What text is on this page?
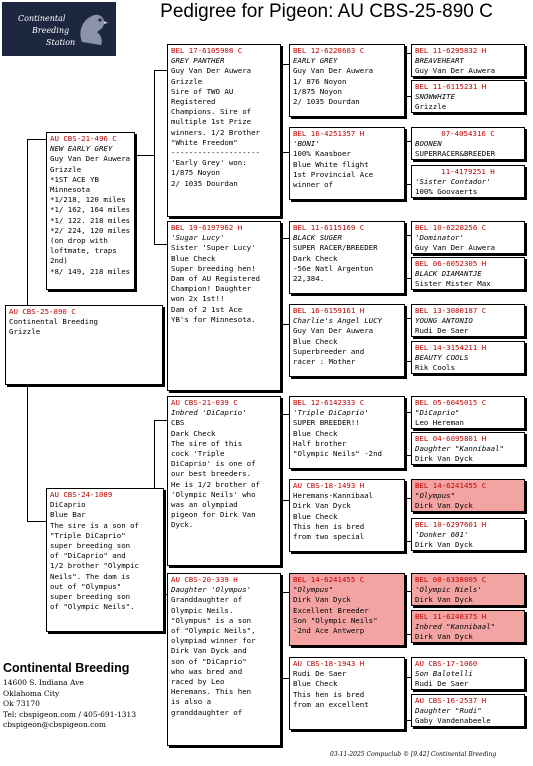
Continental
Breeding
Station
Pedigree for Pigeon: AU CBS-25-890 C
AU CBS-25-890 C
Continental Breeding
Grizzle
AU CBS-21-496 C
NEW EARLY GREY
Guy Van Der Auwera
Grizzle
*1ST ACE YB
Minnesota
*1/218, 120 miles
*1/ 162, 164 miles
*1/ 122. 218 miles
*2/ 224, 120 miles
(on drop with
loftmate, traps
2nd)
*8/ 149, 218 miles
AU CBS-24-1089
DiCaprio
Blue Bar
The sire is a son of
"Triple DiCaprio"
super breeding son
of "DiCaprio" and
1/2 brother "Olympic
Neils". The dam is
out of "Olympus"
super breeding son
of "Olympic Neils".
BEL 17-6105908 C
GREY PANTHER
Guy Van Der Auwera
Grizzle
Sire of TWO AU
Registered
Champions. Sire of
multiple 1st Prize
winners. 1/2 Brother
"White Freedom"
--------------------
'Early Grey' won:
1/875 Noyon
2/ 1035 Dourdan
BEL 19-6197962 H
'Sugar Lucy'
Sister 'Super Lucy'
Blue Check
Super breeding hen!
Dam of AU Registered
Champion! Daughter
won 2x 1st!!
Dam of 2 1st Ace
YB's for Minnesota.
AU CBS-21-039 C
Inbred 'DiCaprio'
CBS
Dark Check
The sire of this
cock 'Triple
DiCaprio' is one of
our best breeders.
He is 1/2 brother of
'Olympic Neils' who
was an olympiad
pigeon for Dirk Van
Dyck.
AU CBS-20-339 H
Daughter 'Olympus'
Granddaughter of
Olympic Neils.
"Olympus" is a son
of "Olympic Neils",
olympiad winner for
Dirk Van Dyck and
son of "DiCaprio"
who was bred and
raced by Leo
Heremans. This hen
is also a
granddaughter of
BEL 12-6228603 C
EARLY GREY
Guy Van Der Auwera
1/ 876 Noyon
1/875 Noyon
2/ 1035 Dourdan
BEL 16-4251357 H
'BONI'
100% Kaasboer
Blue White flight
1st Provincial Ace
winner of
BEL 11-6115169 C
BLACK SUGER
SUPER RACER/BREEDER
Dark Check
-56e Natl Argenton
22,384.
BEL 16-6159161 H
Charlie's Angel LUCY
Guy Van Der Auwera
Blue Check
Superbreeder and
racer : Mother
BEL 12-6142333 C
'Triple DiCaprio'
SUPER BREEDER!!
Blue Check
Half brother
"Olympic Neils" -2nd
AU CBS-18-1493 H
Heremans-Kannibaal
Dirk Van Dyck
Blue Check
This hen is bred
from two special
BEL 14-6241455 C
"Olympus"
Dirk Van Dyck
Excellent Breeder
Son "Olympic Neils"
-2nd Ace Antwerp
AU CBS-18-1943 H
Rudi De Saer
Blue Check
This hen is bred
from an excellent
BEL 11-6295832 H
BREAVEHEART
Guy Van Der Auwera
BEL 11-6115231 H
SNOWWHITE
Grizzle
07-4054316 C
BOONEN
SUPERRACER&BREEDER
11-4179251 H
'Sister Contador'
100% Goovaerts
BEL 10-6220256 C
'Dominator'
Guy Van Der Auwera
BEL 06-6052305 H
BLACK DIAMANTJE
Sister Mister Max
BEL 13-3080187 C
YOUNG ANTONIO
Rudi De Saer
BEL 14-3154211 H
BEAUTY COOLS
Rik Cools
BEL 05-6045015 C
"DiCaprio"
Leo Hereman
BEL 04-6095801 H
Daughter "Kannibaal"
Dirk Van Dyck
BEL 14-6241455 C
"Olympus"
Dirk Van Dyck
BEL 10-6297601 H
'Donker 601'
Dirk Van Dyck
BEL 08-6338005 C
'Olympic Niels'
Dirk Van Dyck
BEL 11-6240375 H
Inbred "Kannibaal"
Dirk Van Dyck
AU CBS-17-1060
Son Balotelli
Rudi De Saer
AU CBS-16-2537 H
Daughter "Rudi"
Gaby Vandenabeele
Continental Breeding
14600 S. Indiana Ave
Oklahoma City
Ok 73170
Tel: cbspigeon.com / 405-691-1313
cbspigeon@cbspigeon.com
03-11-2025 Compuclub © [9.42] Continental Breeding
